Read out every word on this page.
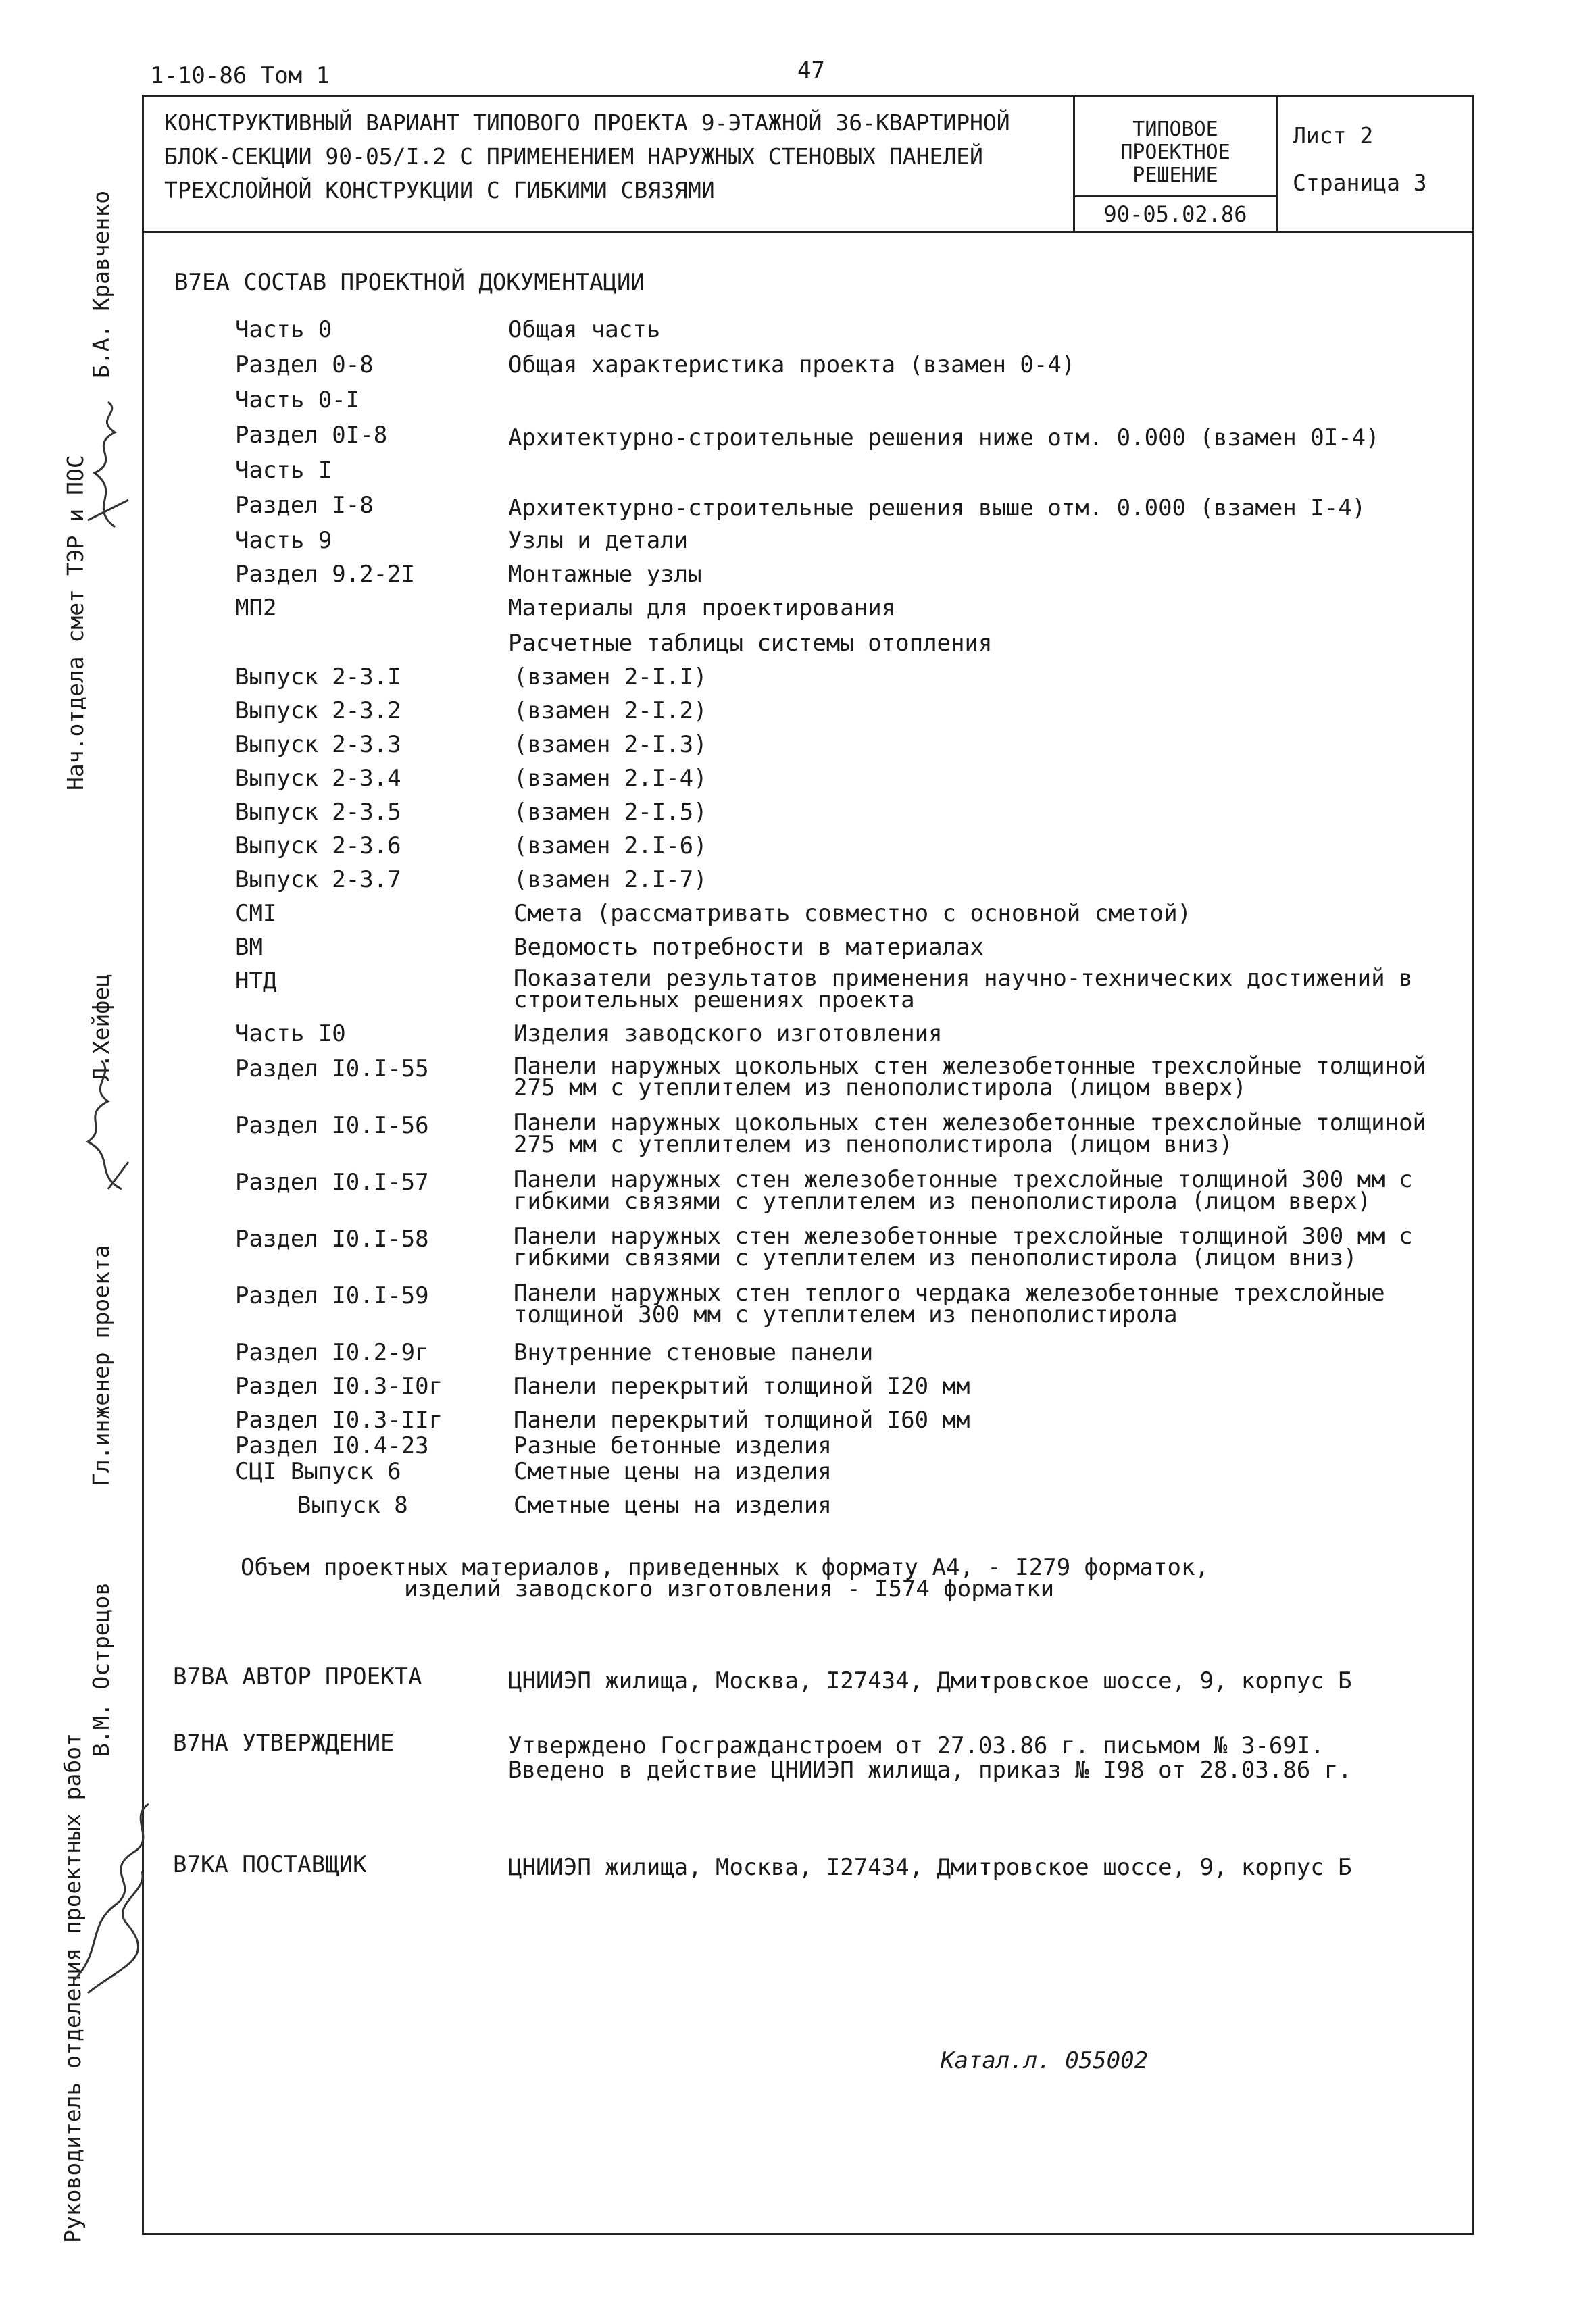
1-10-86 Том 1	47
КОНСТРУКТИВНЫЙ ВАРИАНТ ТИПОВОГО ПРОЕКТА 9-ЭТАЖНОЙ 36-КВАРТИРНОЙ
БЛОК-СЕКЦИИ 90-05/I.2 С ПРИМЕНЕНИЕМ НАРУЖНЫХ СТЕНОВЫХ ПАНЕЛЕЙ
ТРЕХСЛОЙНОЙ КОНСТРУКЦИИ С ГИБКИМИ СВЯЗЯМИ
ТИПОВОЕ
ПРОЕКТНОЕ
РЕШЕНИЕ
90-05.02.86
Лист 2
Страница 3
В7ЕА СОСТАВ ПРОЕКТНОЙ ДОКУМЕНТАЦИИ
Часть 0	Общая часть
Раздел 0-8	Общая характеристика проекта (взамен 0-4)
Часть 0-I
Раздел 0I-8	Архитектурно-строительные решения ниже отм. 0.000 (взамен 0I-4)
Часть I
Раздел I-8	Архитектурно-строительные решения выше отм. 0.000 (взамен I-4)
Часть 9	Узлы и детали
Раздел 9.2-2I	Монтажные узлы
МП2	Материалы для проектирования
Расчетные таблицы системы отопления
Выпуск 2-3.I	(взамен 2-I.I)
Выпуск 2-3.2	(взамен 2-I.2)
Выпуск 2-3.3	(взамен 2-I.3)
Выпуск 2-3.4	(взамен 2.I-4)
Выпуск 2-3.5	(взамен 2-I.5)
Выпуск 2-3.6	(взамен 2.I-6)
Выпуск 2-3.7	(взамен 2.I-7)
СМI	Смета (рассматривать совместно с основной сметой)
ВМ	Ведомость потребности в материалах
НТД	Показатели результатов применения научно-технических достижений в
строительных решениях проекта
Часть I0	Изделия заводского изготовления
Раздел I0.I-55	Панели наружных цокольных стен железобетонные трехслойные толщиной
275 мм с утеплителем из пенополистирола (лицом вверх)
Раздел I0.I-56	Панели наружных цокольных стен железобетонные трехслойные толщиной
275 мм с утеплителем из пенополистирола (лицом вниз)
Раздел I0.I-57	Панели наружных стен железобетонные трехслойные толщиной 300 мм с
гибкими связями с утеплителем из пенополистирола (лицом вверх)
Раздел I0.I-58	Панели наружных стен железобетонные трехслойные толщиной 300 мм с
гибкими связями с утеплителем из пенополистирола (лицом вниз)
Раздел I0.I-59	Панели наружных стен теплого чердака железобетонные трехслойные
толщиной 300 мм с утеплителем из пенополистирола
Раздел I0.2-9г	Внутренние стеновые панели
Раздел I0.3-I0г	Панели перекрытий толщиной I20 мм
Раздел I0.3-IIг	Панели перекрытий толщиной I60 мм
Раздел I0.4-23	Разные бетонные изделия
СЦI Выпуск 6	Сметные цены на изделия
Выпуск 8	Сметные цены на изделия
Объем проектных материалов, приведенных к формату А4, - I279 форматок,
изделий заводского изготовления - I574 форматки
В7ВА АВТОР ПРОЕКТА	ЦНИИЭП жилища, Москва, I27434, Дмитровское шоссе, 9, корпус Б
В7НА УТВЕРЖДЕНИЕ	Утверждено Госгражданстроем от 27.03.86 г. письмом № 3-69I.
Введено в действие ЦНИИЭП жилища, приказ № I98 от 28.03.86 г.
В7КА ПОСТАВЩИК	ЦНИИЭП жилища, Москва, I27434, Дмитровское шоссе, 9, корпус Б
Катал.л. 055002
Руководитель отделения проектных работ
В.М. Острецов
Гл.инженер проекта
Л.Хейфец
Нач.отдела смет ТЭР и ПОС
Б.А. Кравченко
